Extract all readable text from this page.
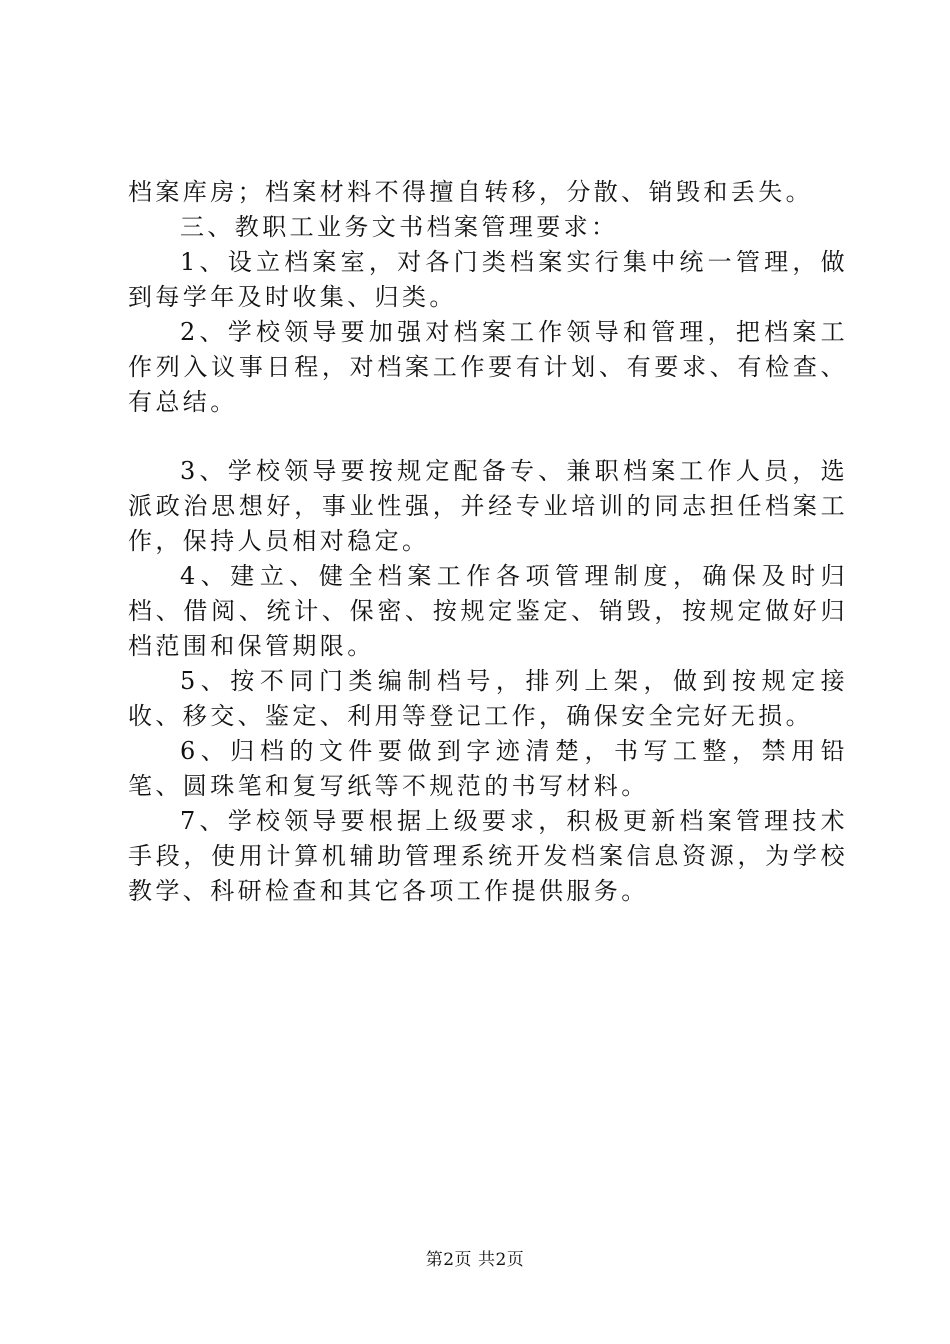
档案库房；档案材料不得擅自转移，分散、销毁和丢失。

三、教职工业务文书档案管理要求：

1、设立档案室，对各门类档案实行集中统一管理，做到每学年及时收集、归类。

2、学校领导要加强对档案工作领导和管理，把档案工作列入议事日程，对档案工作要有计划、有要求、有检查、有总结。

3、学校领导要按规定配备专、兼职档案工作人员，选派政治思想好，事业性强，并经专业培训的同志担任档案工作，保持人员相对稳定。

4、建立、健全档案工作各项管理制度，确保及时归档、借阅、统计、保密、按规定鉴定、销毁，按规定做好归档范围和保管期限。

5、按不同门类编制档号，排列上架，做到按规定接收、移交、鉴定、利用等登记工作，确保安全完好无损。

6、归档的文件要做到字迹清楚，书写工整，禁用铅笔、圆珠笔和复写纸等不规范的书写材料。

7、学校领导要根据上级要求，积极更新档案管理技术手段，使用计算机辅助管理系统开发档案信息资源，为学校教学、科研检查和其它各项工作提供服务。

第2页 共2页
